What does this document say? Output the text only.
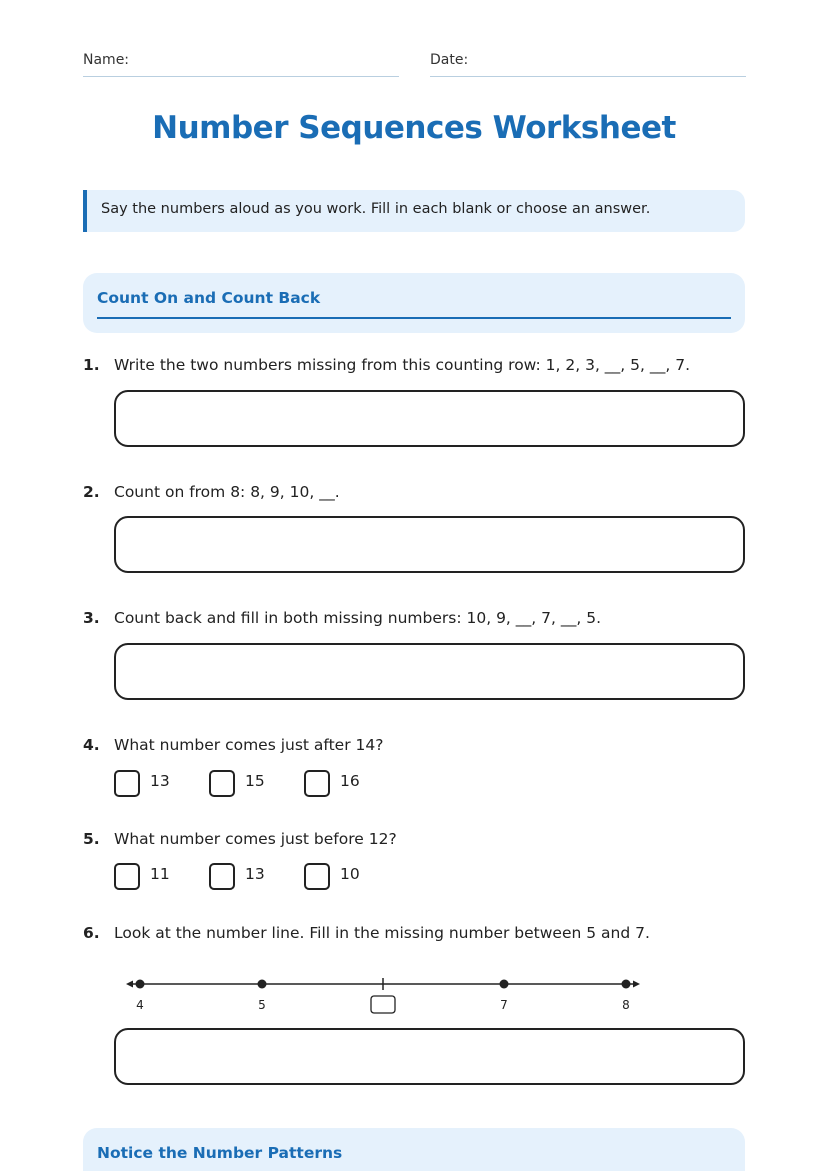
Name:	Date:
Number Sequences Worksheet
Say the numbers aloud as you work. Fill in each blank or choose an answer.
Count On and Count Back
1. Write the two numbers missing from this counting row: 1, 2, 3, __, 5, __, 7.
2. Count on from 8: 8, 9, 10, __.
3. Count back and fill in both missing numbers: 10, 9, __, 7, __, 5.
4. What number comes just after 14?
13	15	16
5. What number comes just before 12?
11	13	10
6. Look at the number line. Fill in the missing number between 5 and 7.
4	5	7	8
Notice the Number Patterns
